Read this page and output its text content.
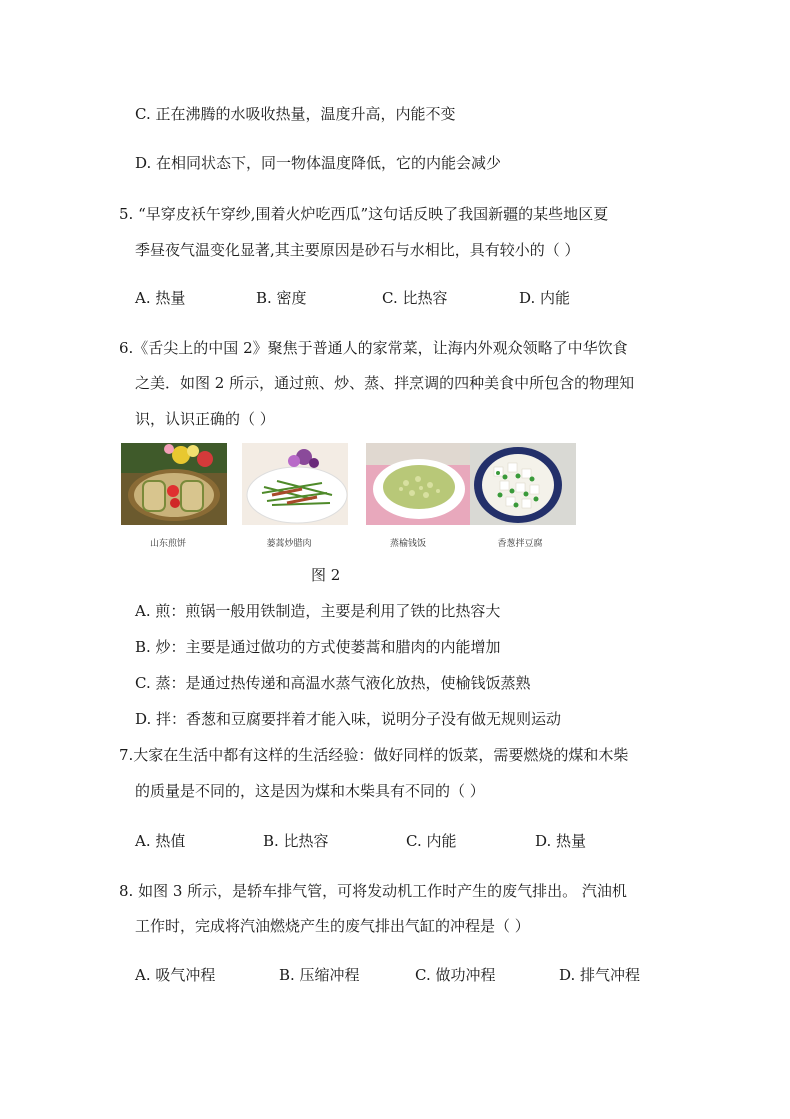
C. 正在沸腾的水吸收热量，温度升高，内能不变
D. 在相同状态下，同一物体温度降低，它的内能会减少
5. “早穿皮袄午穿纱,围着火炉吃西瓜”这句话反映了我国新疆的某些地区夏
季昼夜气温变化显著,其主要原因是砂石与水相比，具有较小的（ ）
A. 热量	B. 密度	C. 比热容	D. 内能
6.《舌尖上的中国 2》聚焦于普通人的家常菜，让海内外观众领略了中华饮食
之美．如图 2 所示，通过煎、炒、蒸、拌烹调的四种美食中所包含的物理知
识，认识正确的（ ）
山东煎饼	蒌蒿炒腊肉	蒸榆钱饭	香葱拌豆腐
图 2
A. 煎：煎锅一般用铁制造，主要是利用了铁的比热容大
B. 炒：主要是通过做功的方式使蒌蒿和腊肉的内能增加
C. 蒸：是通过热传递和高温水蒸气液化放热，使榆钱饭蒸熟
D. 拌：香葱和豆腐要拌着才能入味，说明分子没有做无规则运动
7.大家在生活中都有这样的生活经验：做好同样的饭菜，需要燃烧的煤和木柴
的质量是不同的，这是因为煤和木柴具有不同的（ ）
A. 热值	B. 比热容	C. 内能	D. 热量
8. 如图 3 所示，是轿车排气管，可将发动机工作时产生的废气排出。 汽油机
工作时，完成将汽油燃烧产生的废气排出气缸的冲程是（ ）
A. 吸气冲程	B. 压缩冲程	C. 做功冲程	D. 排气冲程
